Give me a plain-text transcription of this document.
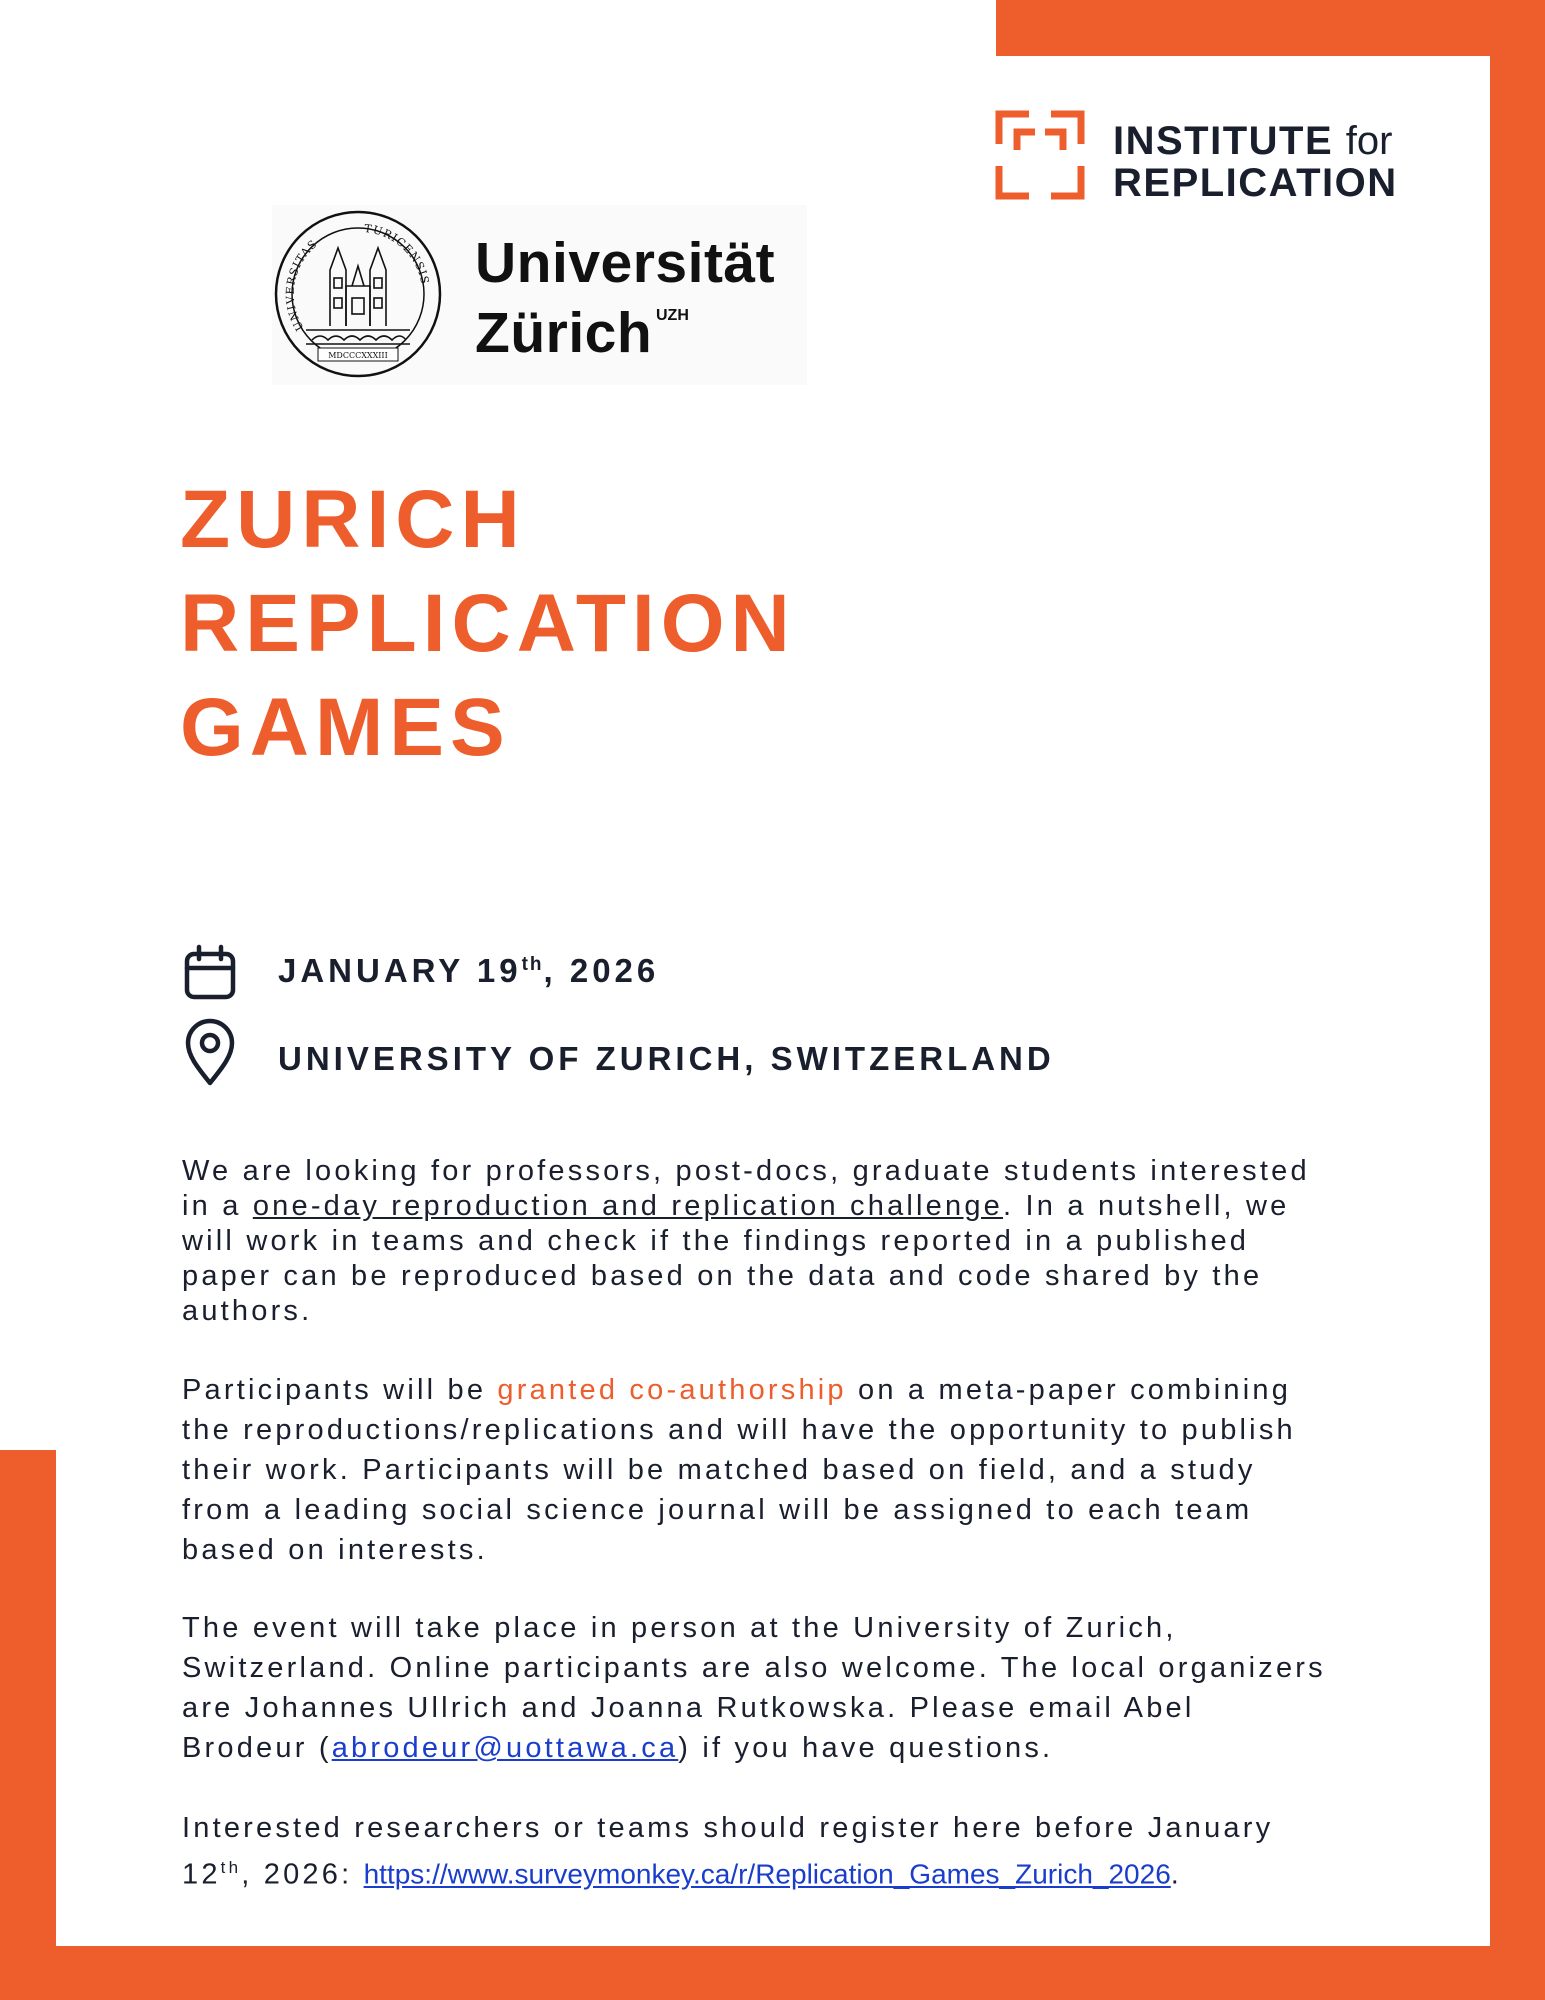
INSTITUTE for
REPLICATION
UNIVERSITAS
TURICENSIS
MDCCCXXXIII
Universität
Zürich UZH
ZURICH
REPLICATION
GAMES
JANUARY 19th, 2026
UNIVERSITY OF ZURICH, SWITZERLAND
We are looking for professors, post-docs, graduate students interested
in a one-day reproduction and replication challenge. In a nutshell, we
will work in teams and check if the findings reported in a published
paper can be reproduced based on the data and code shared by the
authors.
Participants will be granted co-authorship on a meta-paper combining
the reproductions/replications and will have the opportunity to publish
their work. Participants will be matched based on field, and a study
from a leading social science journal will be assigned to each team
based on interests.
The event will take place in person at the University of Zurich,
Switzerland. Online participants are also welcome. The local organizers
are Johannes Ullrich and Joanna Rutkowska. Please email Abel
Brodeur (abrodeur@uottawa.ca) if you have questions.
Interested researchers or teams should register here before January
12th, 2026: https://www.surveymonkey.ca/r/Replication_Games_Zurich_2026.
